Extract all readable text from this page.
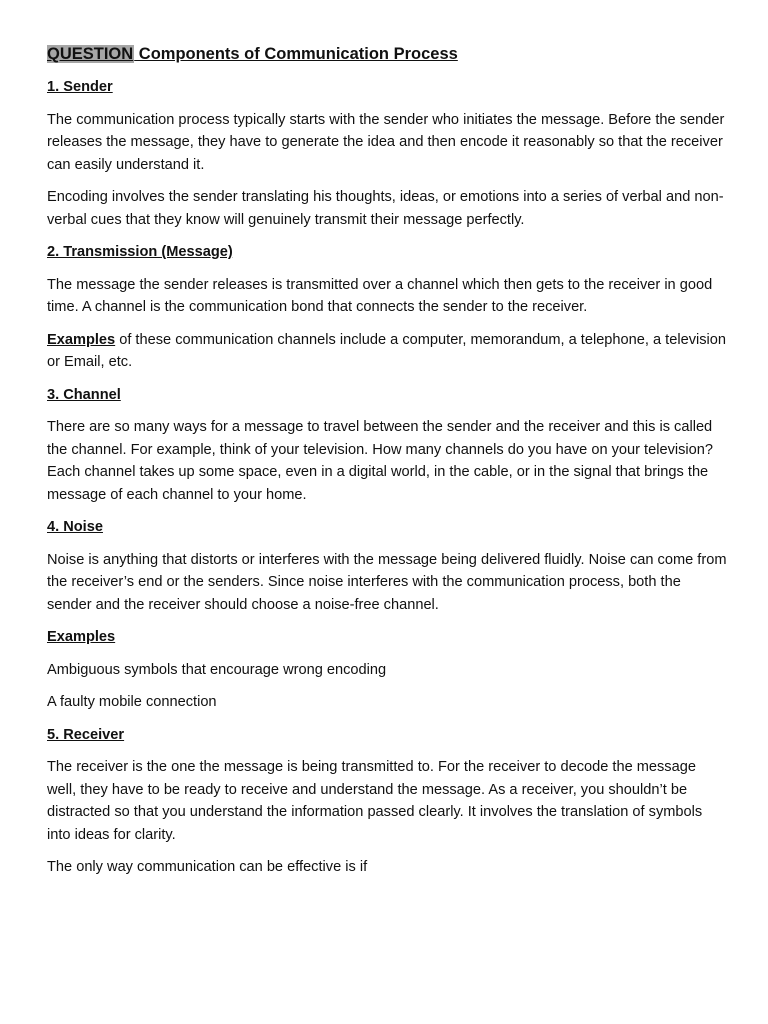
QUESTION Components of Communication Process
1. Sender

The communication process typically starts with the sender who initiates the message. Before the sender releases the message, they have to generate the idea and then encode it reasonably so that the receiver can easily understand it.

Encoding involves the sender translating his thoughts, ideas, or emotions into a series of verbal and non-verbal cues that they know will genuinely transmit their message perfectly.

2. Transmission (Message)

The message the sender releases is transmitted over a channel which then gets to the receiver in good time. A channel is the communication bond that connects the sender to the receiver.

Examples of these communication channels include a computer, memorandum, a telephone, a television or Email, etc.

3. Channel

There are so many ways for a message to travel between the sender and the receiver and this is called the channel. For example, think of your television. How many channels do you have on your television? Each channel takes up some space, even in a digital world, in the cable, or in the signal that brings the message of each channel to your home.

4. Noise

Noise is anything that distorts or interferes with the message being delivered fluidly. Noise can come from the receiver’s end or the senders. Since noise interferes with the communication process, both the sender and the receiver should choose a noise-free channel.

Examples

Ambiguous symbols that encourage wrong encoding

A faulty mobile connection

5. Receiver

The receiver is the one the message is being transmitted to. For the receiver to decode the message well, they have to be ready to receive and understand the message. As a receiver, you shouldn’t be distracted so that you understand the information passed clearly. It involves the translation of symbols into ideas for clarity.

The only way communication can be effective is if
